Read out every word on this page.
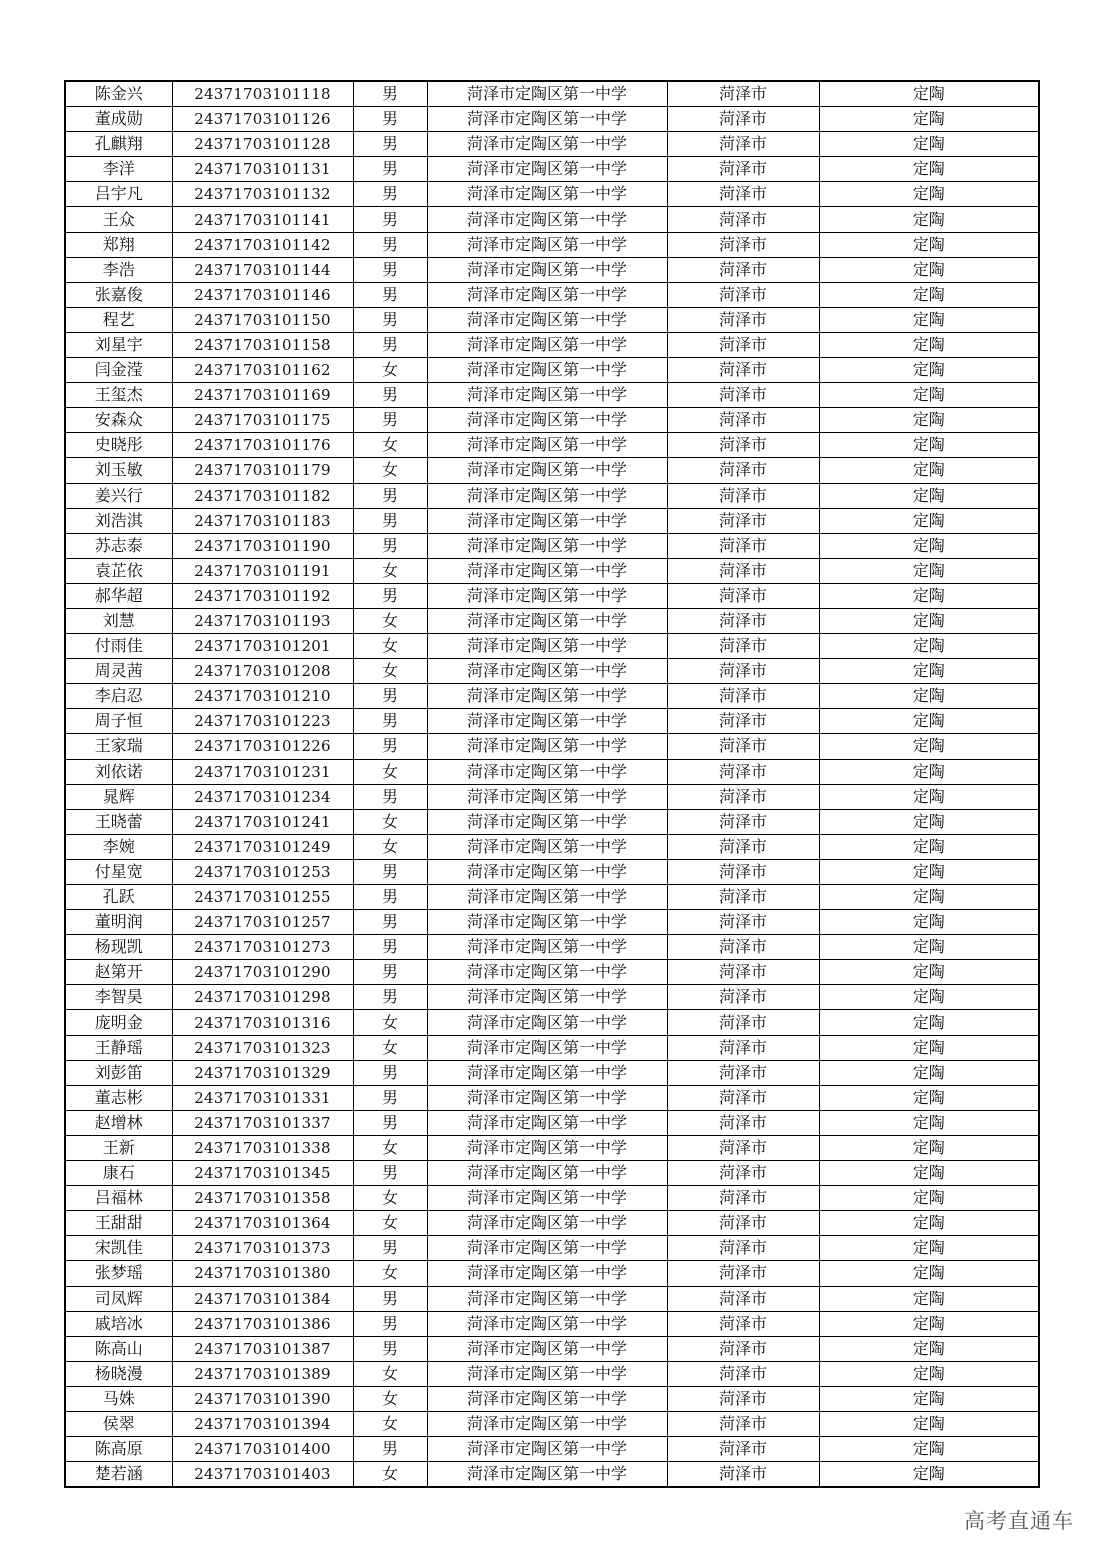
陈金兴	24371703101118	男	菏泽市定陶区第一中学	菏泽市	定陶
董成勋	24371703101126	男	菏泽市定陶区第一中学	菏泽市	定陶
孔麒翔	24371703101128	男	菏泽市定陶区第一中学	菏泽市	定陶
李洋	24371703101131	男	菏泽市定陶区第一中学	菏泽市	定陶
吕宇凡	24371703101132	男	菏泽市定陶区第一中学	菏泽市	定陶
王众	24371703101141	男	菏泽市定陶区第一中学	菏泽市	定陶
郑翔	24371703101142	男	菏泽市定陶区第一中学	菏泽市	定陶
李浩	24371703101144	男	菏泽市定陶区第一中学	菏泽市	定陶
张嘉俊	24371703101146	男	菏泽市定陶区第一中学	菏泽市	定陶
程艺	24371703101150	男	菏泽市定陶区第一中学	菏泽市	定陶
刘星宇	24371703101158	男	菏泽市定陶区第一中学	菏泽市	定陶
闫金滢	24371703101162	女	菏泽市定陶区第一中学	菏泽市	定陶
王玺杰	24371703101169	男	菏泽市定陶区第一中学	菏泽市	定陶
安森众	24371703101175	男	菏泽市定陶区第一中学	菏泽市	定陶
史晓彤	24371703101176	女	菏泽市定陶区第一中学	菏泽市	定陶
刘玉敏	24371703101179	女	菏泽市定陶区第一中学	菏泽市	定陶
姜兴行	24371703101182	男	菏泽市定陶区第一中学	菏泽市	定陶
刘浩淇	24371703101183	男	菏泽市定陶区第一中学	菏泽市	定陶
苏志泰	24371703101190	男	菏泽市定陶区第一中学	菏泽市	定陶
袁芷依	24371703101191	女	菏泽市定陶区第一中学	菏泽市	定陶
郝华超	24371703101192	男	菏泽市定陶区第一中学	菏泽市	定陶
刘慧	24371703101193	女	菏泽市定陶区第一中学	菏泽市	定陶
付雨佳	24371703101201	女	菏泽市定陶区第一中学	菏泽市	定陶
周灵茜	24371703101208	女	菏泽市定陶区第一中学	菏泽市	定陶
李启忍	24371703101210	男	菏泽市定陶区第一中学	菏泽市	定陶
周子恒	24371703101223	男	菏泽市定陶区第一中学	菏泽市	定陶
王家瑞	24371703101226	男	菏泽市定陶区第一中学	菏泽市	定陶
刘依诺	24371703101231	女	菏泽市定陶区第一中学	菏泽市	定陶
晁辉	24371703101234	男	菏泽市定陶区第一中学	菏泽市	定陶
王晓蕾	24371703101241	女	菏泽市定陶区第一中学	菏泽市	定陶
李婉	24371703101249	女	菏泽市定陶区第一中学	菏泽市	定陶
付星宽	24371703101253	男	菏泽市定陶区第一中学	菏泽市	定陶
孔跃	24371703101255	男	菏泽市定陶区第一中学	菏泽市	定陶
董明润	24371703101257	男	菏泽市定陶区第一中学	菏泽市	定陶
杨现凯	24371703101273	男	菏泽市定陶区第一中学	菏泽市	定陶
赵第开	24371703101290	男	菏泽市定陶区第一中学	菏泽市	定陶
李智昊	24371703101298	男	菏泽市定陶区第一中学	菏泽市	定陶
庞明金	24371703101316	女	菏泽市定陶区第一中学	菏泽市	定陶
王静瑶	24371703101323	女	菏泽市定陶区第一中学	菏泽市	定陶
刘彭笛	24371703101329	男	菏泽市定陶区第一中学	菏泽市	定陶
董志彬	24371703101331	男	菏泽市定陶区第一中学	菏泽市	定陶
赵增林	24371703101337	男	菏泽市定陶区第一中学	菏泽市	定陶
王新	24371703101338	女	菏泽市定陶区第一中学	菏泽市	定陶
康石	24371703101345	男	菏泽市定陶区第一中学	菏泽市	定陶
吕福林	24371703101358	女	菏泽市定陶区第一中学	菏泽市	定陶
王甜甜	24371703101364	女	菏泽市定陶区第一中学	菏泽市	定陶
宋凯佳	24371703101373	男	菏泽市定陶区第一中学	菏泽市	定陶
张梦瑶	24371703101380	女	菏泽市定陶区第一中学	菏泽市	定陶
司凤辉	24371703101384	男	菏泽市定陶区第一中学	菏泽市	定陶
戚培冰	24371703101386	男	菏泽市定陶区第一中学	菏泽市	定陶
陈高山	24371703101387	男	菏泽市定陶区第一中学	菏泽市	定陶
杨晓漫	24371703101389	女	菏泽市定陶区第一中学	菏泽市	定陶
马姝	24371703101390	女	菏泽市定陶区第一中学	菏泽市	定陶
侯翠	24371703101394	女	菏泽市定陶区第一中学	菏泽市	定陶
陈高原	24371703101400	男	菏泽市定陶区第一中学	菏泽市	定陶
楚若涵	24371703101403	女	菏泽市定陶区第一中学	菏泽市	定陶
高考直通车
